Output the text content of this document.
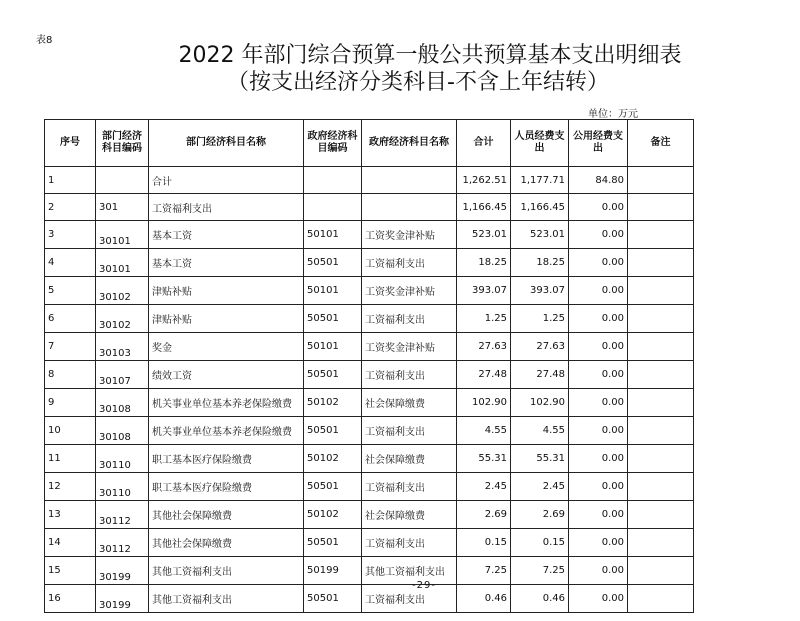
表8
2022 年部门综合预算一般公共预算基本支出明细表
（按支出经济分类科目-不含上年结转）
单位：万元
序号	部门经济科目编码	部门经济科目名称	政府经济科目编码	政府经济科目名称	合计	人员经费支出	公用经费支出	备注
1		合计			1,262.51	1,177.71	84.80	
2	301	工资福利支出			1,166.45	1,166.45	0.00	
3	30101	基本工资	50101	工资奖金津补贴	523.01	523.01	0.00	
4	30101	基本工资	50501	工资福利支出	18.25	18.25	0.00	
5	30102	津贴补贴	50101	工资奖金津补贴	393.07	393.07	0.00	
6	30102	津贴补贴	50501	工资福利支出	1.25	1.25	0.00	
7	30103	奖金	50101	工资奖金津补贴	27.63	27.63	0.00	
8	30107	绩效工资	50501	工资福利支出	27.48	27.48	0.00	
9	30108	机关事业单位基本养老保险缴费	50102	社会保障缴费	102.90	102.90	0.00	
10	30108	机关事业单位基本养老保险缴费	50501	工资福利支出	4.55	4.55	0.00	
11	30110	职工基本医疗保险缴费	50102	社会保障缴费	55.31	55.31	0.00	
12	30110	职工基本医疗保险缴费	50501	工资福利支出	2.45	2.45	0.00	
13	30112	其他社会保障缴费	50102	社会保障缴费	2.69	2.69	0.00	
14	30112	其他社会保障缴费	50501	工资福利支出	0.15	0.15	0.00	
15	30199	其他工资福利支出	50199	其他工资福利支出	7.25	7.25	0.00	
16	30199	其他工资福利支出	50501	工资福利支出	0.46	0.46	0.00	
-29-
